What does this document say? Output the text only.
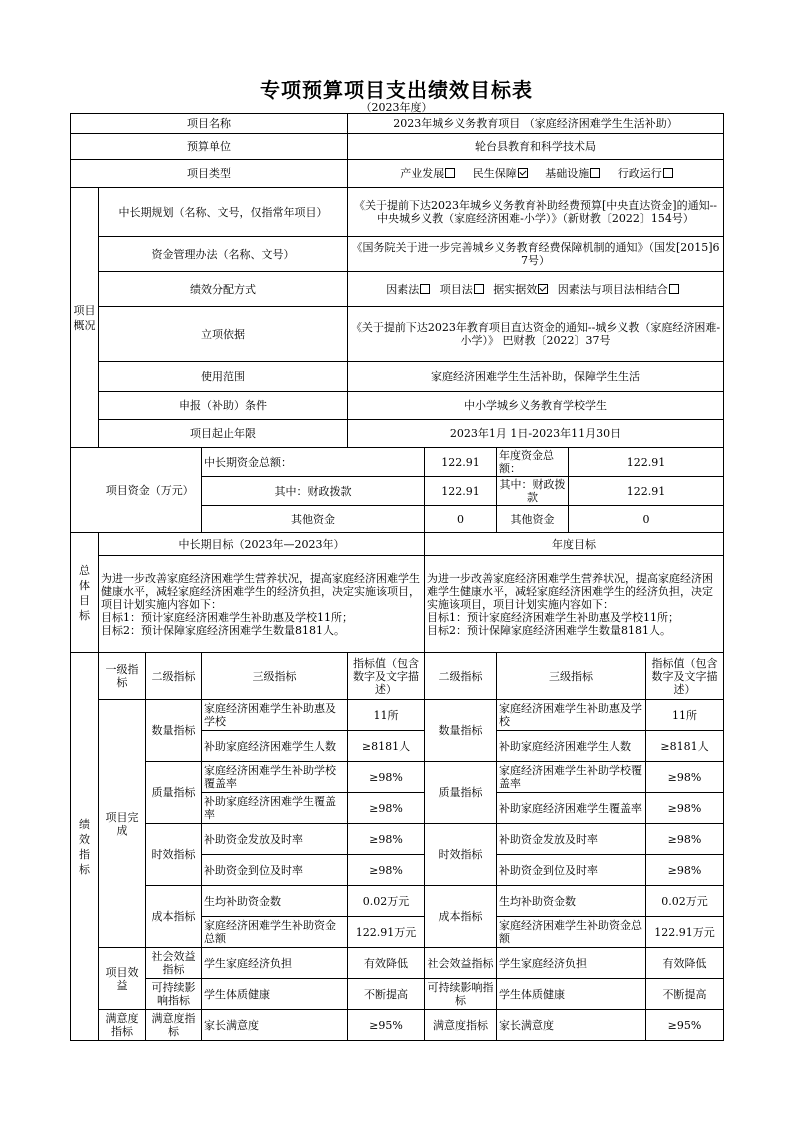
专项预算项目支出绩效目标表
（2023年度）
项目名称		2023年城乡义务教育项目 （家庭经济困难学生生活补助）
预算单位		轮台县教育和科学技术局
项目类型		产业发展 民生保障 基础设施 行政运行

项目
概况	中长期规划（名称、文号，仅指常年项目）	《关于提前下达2023年城乡义务教育补助经费预算[中央直达资金]的通知--中央城乡义教（家庭经济困难-小学）》（新财教〔2022〕154号）
	资金管理办法（名称、文号）	《国务院关于进一步完善城乡义务教育经费保障机制的通知》（国发[2015]67号）
	绩效分配方式	因素法 项目法 据实据效 因素法与项目法相结合
	立项依据	《关于提前下达2023年教育项目直达资金的通知--城乡义教（家庭经济困难-小学）》 巴财教〔2022〕37号
	使用范围	家庭经济困难学生生活补助，保障学生生活
	申报（补助）条件	中小学城乡义务教育学校学生
	项目起止年限	2023年1月 1日-2023年11月30日
	项目资金（万元）		中长期资金总额：		122.91	年度资金总额：	122.91	
			其中：财政拨款		122.91	其中：财政拨款	122.91	
			其他资金		0	其他资金	0	

总
体
目
标	中长期目标（2023年—2023年）				年度目标			
	为进一步改善家庭经济困难学生营养状况，提高家庭经济困难学生健康水平，减轻家庭经济困难学生的经济负担，决定实施该项目，项目计划实施内容如下：
目标1：预计家庭经济困难学生补助惠及学校11所；
目标2：预计保障家庭经济困难学生数量8181人。				为进一步改善家庭经济困难学生营养状况，提高家庭经济困难学生健康水平，减轻家庭经济困难学生的经济负担，决定实施该项目，项目计划实施内容如下：
目标1：预计家庭经济困难学生补助惠及学校11所；
目标2：预计保障家庭经济困难学生数量8181人。			

绩
效
指
标	一级指标	二级指标	三级指标	指标值（包含数字及文字描述）	二级指标	三级指标		指标值（包含数字及文字描述）
	项目完成	数量指标	家庭经济困难学生补助惠及学校	11所	数量指标	家庭经济困难学生补助惠及学校		11所
			补助家庭经济困难学生人数	≥8181人		补助家庭经济困难学生人数		≥8181人
		质量指标	家庭经济困难学生补助学校覆盖率	≥98%	质量指标	家庭经济困难学生补助学校覆盖率		≥98%
			补助家庭经济困难学生覆盖率	≥98%		补助家庭经济困难学生覆盖率		≥98%
		时效指标	补助资金发放及时率	≥98%	时效指标	补助资金发放及时率		≥98%
			补助资金到位及时率	≥98%		补助资金到位及时率		≥98%
		成本指标	生均补助资金数	0.02万元	成本指标	生均补助资金数		0.02万元
			家庭经济困难学生补助资金总额	122.91万元		家庭经济困难学生补助资金总额		122.91万元
	项目效益	社会效益指标	学生家庭经济负担	有效降低	社会效益指标	学生家庭经济负担		有效降低
		可持续影响指标	学生体质健康	不断提高	可持续影响指标	学生体质健康		不断提高
	满意度指标	满意度指标	家长满意度	≥95%	满意度指标	家长满意度		≥95%
